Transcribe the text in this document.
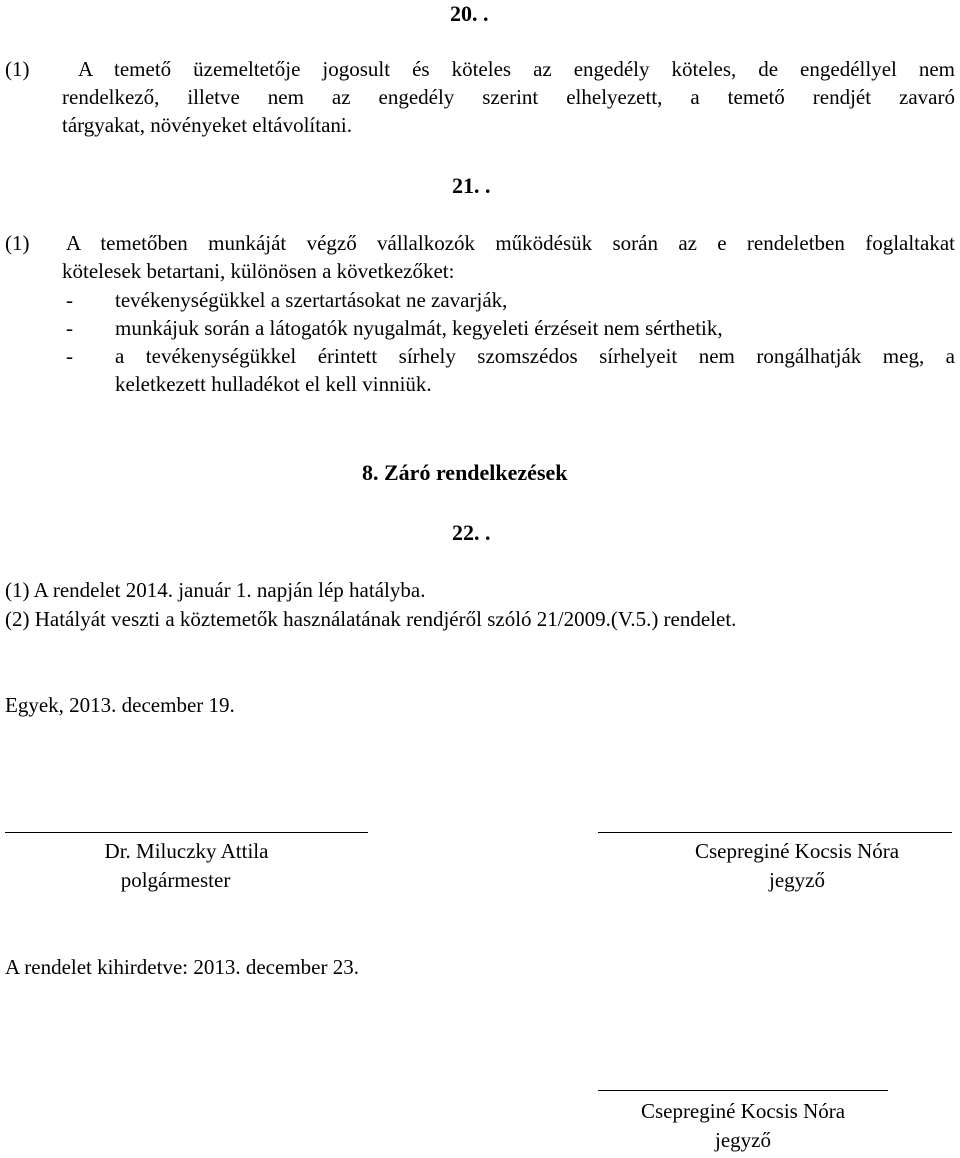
20. .
(1) A temető üzemeltetője jogosult és köteles az engedély köteles, de engedéllyel nem
rendelkező, illetve nem az engedély szerint elhelyezett, a temető rendjét zavaró
tárgyakat, növényeket eltávolítani.
21. .
(1) A temetőben munkáját végző vállalkozók működésük során az e rendeletben foglaltakat
kötelesek betartani, különösen a következőket:
- tevékenységükkel a szertartásokat ne zavarják,
- munkájuk során a látogatók nyugalmát, kegyeleti érzéseit nem sérthetik,
- a tevékenységükkel érintett sírhely szomszédos sírhelyeit nem rongálhatják meg, a
keletkezett hulladékot el kell vinniük.
8. Záró rendelkezések
22. .
(1) A rendelet 2014. január 1. napján lép hatályba.
(2) Hatályát veszti a köztemetők használatának rendjéről szóló 21/2009.(V.5.) rendelet.
Egyek, 2013. december 19.
Dr. Miluczky Attila
polgármester
Csepreginé Kocsis Nóra
jegyző
A rendelet kihirdetve: 2013. december 23.
Csepreginé Kocsis Nóra
jegyző
